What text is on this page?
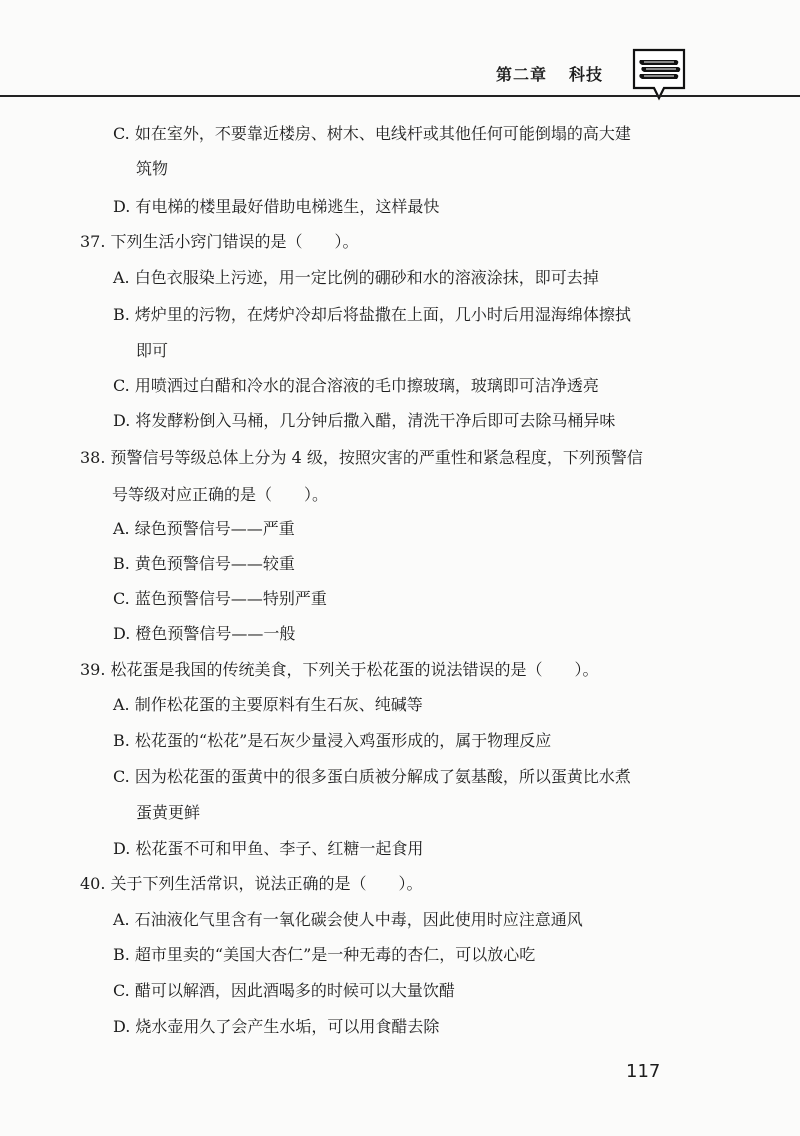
第二章 科技
C. 如在室外，不要靠近楼房、树木、电线杆或其他任何可能倒塌的高大建
筑物
D. 有电梯的楼里最好借助电梯逃生，这样最快
37. 下列生活小窍门错误的是（　　）。
A. 白色衣服染上污迹，用一定比例的硼砂和水的溶液涂抹，即可去掉
B. 烤炉里的污物，在烤炉冷却后将盐撒在上面，几小时后用湿海绵体擦拭
即可
C. 用喷洒过白醋和冷水的混合溶液的毛巾擦玻璃，玻璃即可洁净透亮
D. 将发酵粉倒入马桶，几分钟后撒入醋，清洗干净后即可去除马桶异味
38. 预警信号等级总体上分为 4 级，按照灾害的严重性和紧急程度，下列预警信
号等级对应正确的是（　　）。
A. 绿色预警信号——严重
B. 黄色预警信号——较重
C. 蓝色预警信号——特别严重
D. 橙色预警信号——一般
39. 松花蛋是我国的传统美食，下列关于松花蛋的说法错误的是（　　）。
A. 制作松花蛋的主要原料有生石灰、纯碱等
B. 松花蛋的“松花”是石灰少量浸入鸡蛋形成的，属于物理反应
C. 因为松花蛋的蛋黄中的很多蛋白质被分解成了氨基酸，所以蛋黄比水煮
蛋黄更鲜
D. 松花蛋不可和甲鱼、李子、红糖一起食用
40. 关于下列生活常识，说法正确的是（　　）。
A. 石油液化气里含有一氧化碳会使人中毒，因此使用时应注意通风
B. 超市里卖的“美国大杏仁”是一种无毒的杏仁，可以放心吃
C. 醋可以解酒，因此酒喝多的时候可以大量饮醋
D. 烧水壶用久了会产生水垢，可以用食醋去除
117
